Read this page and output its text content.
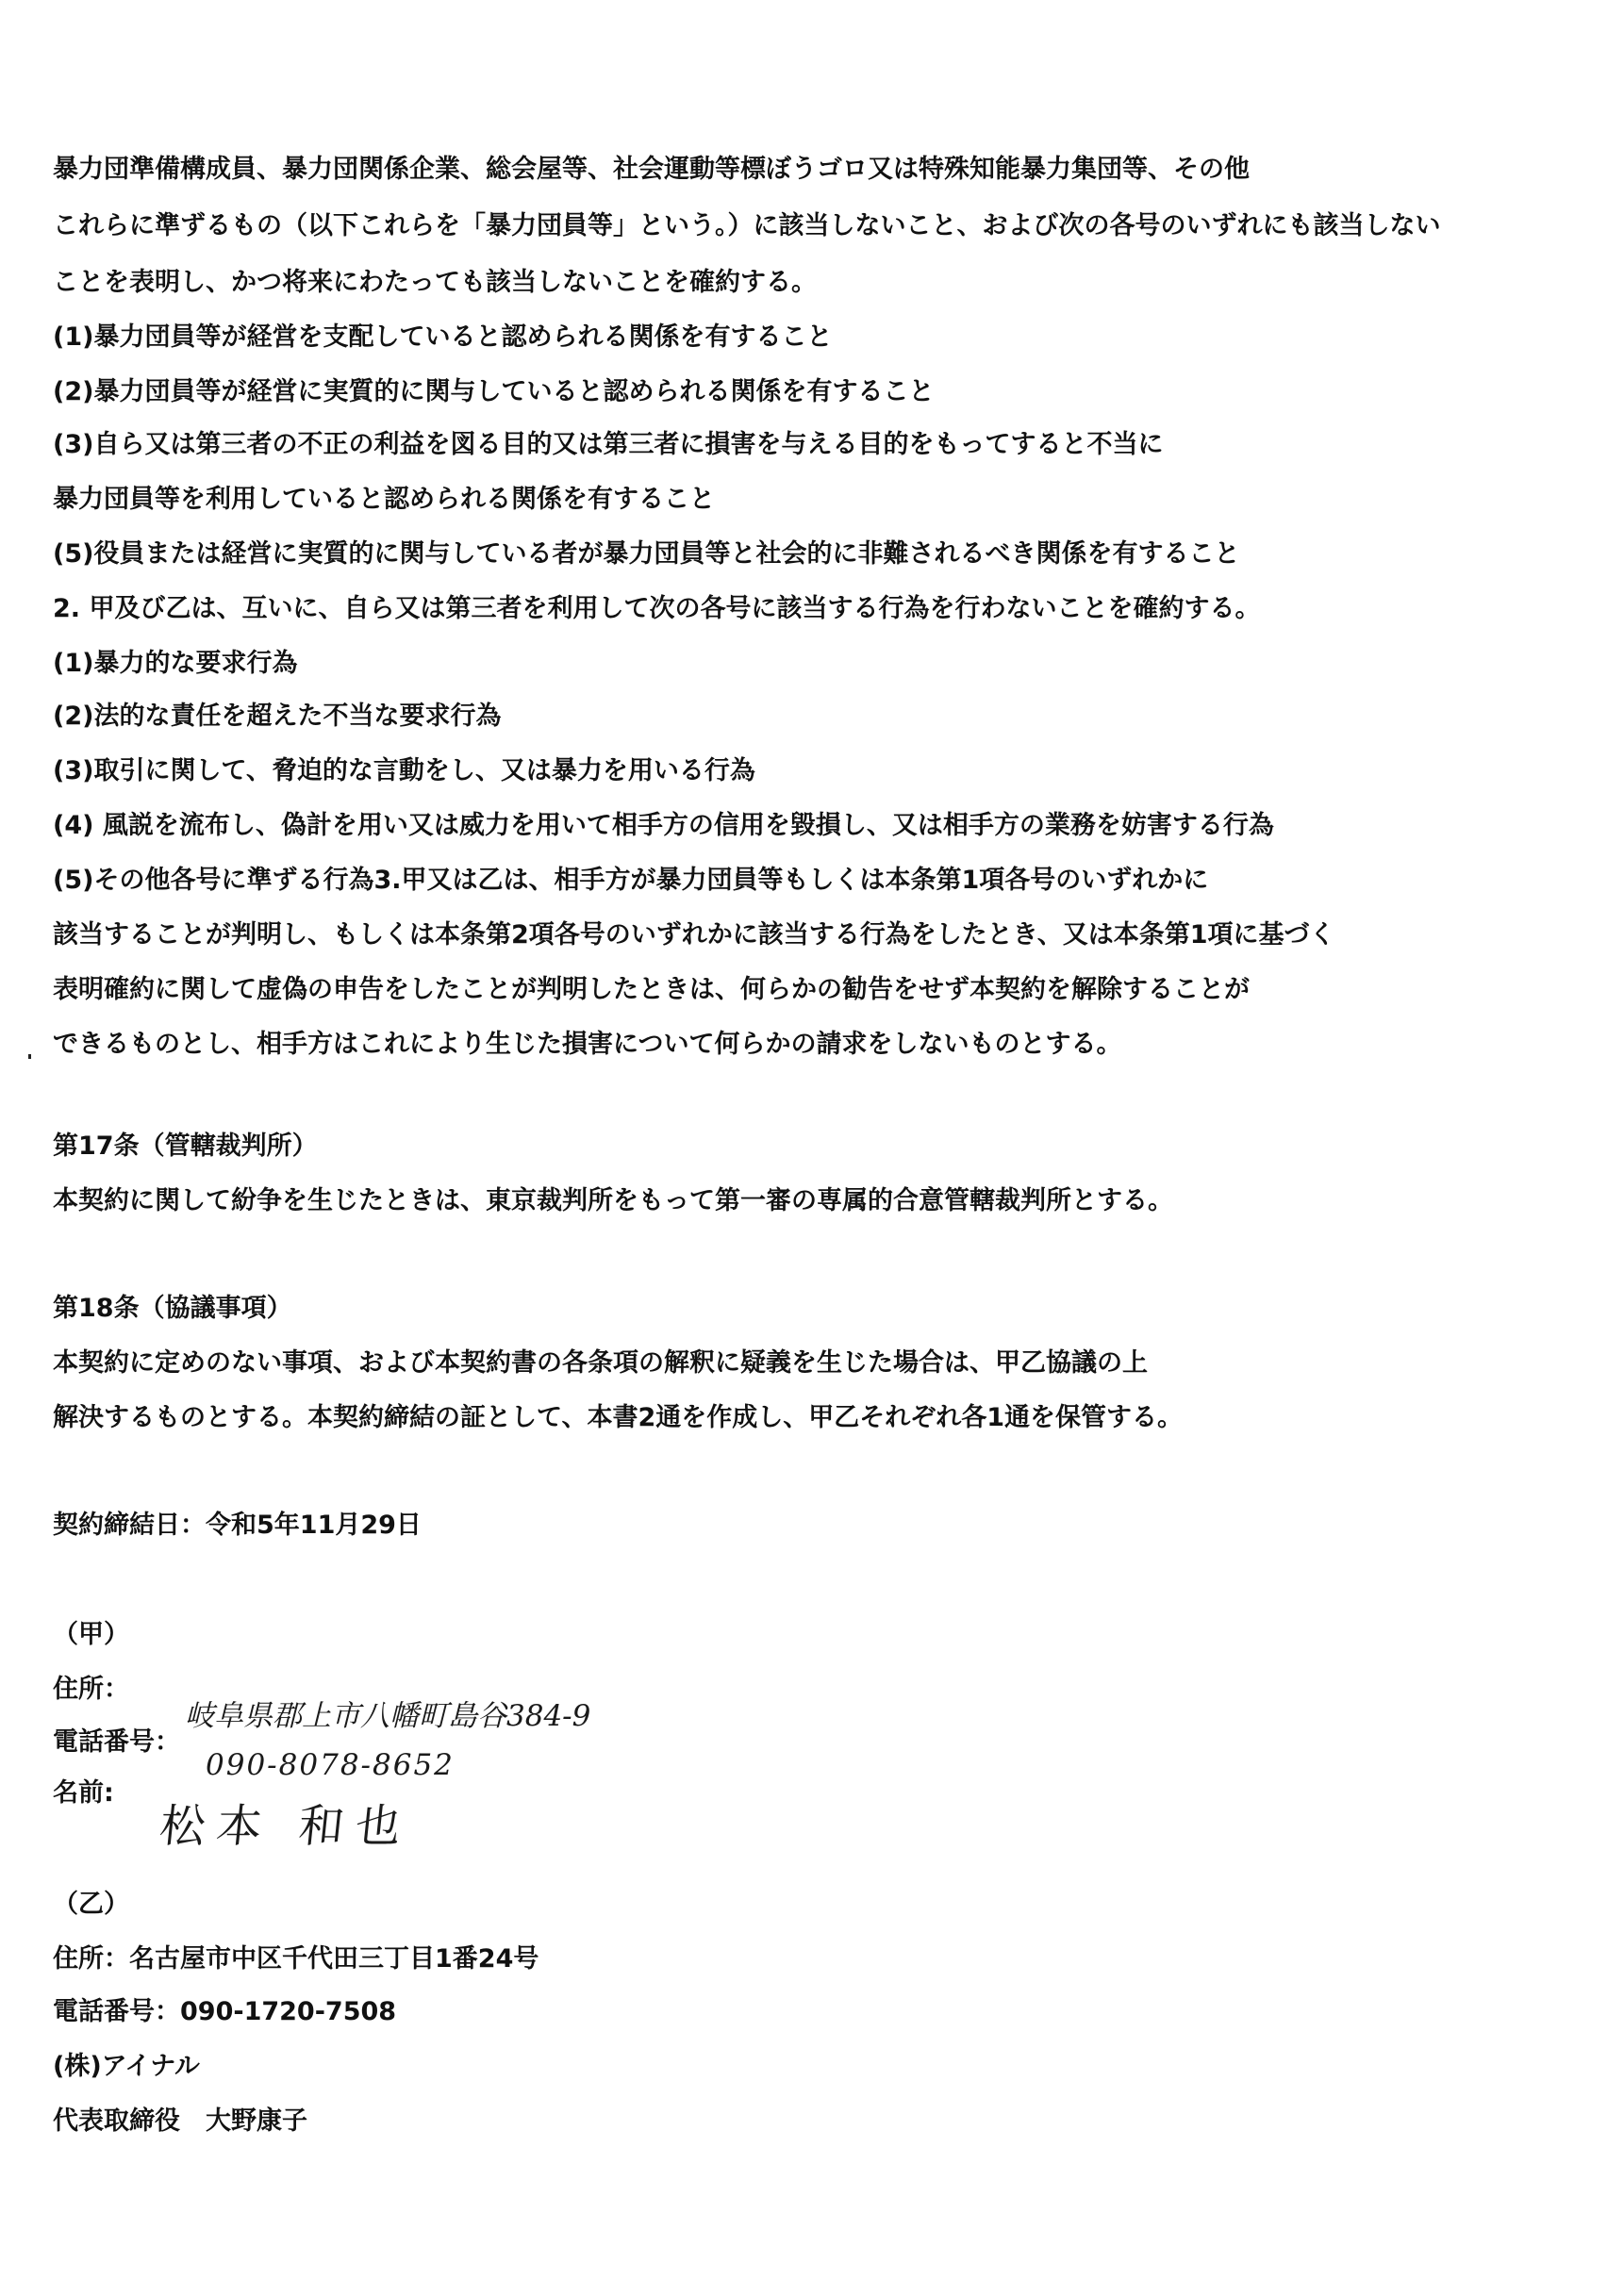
暴力団準備構成員、暴力団関係企業、総会屋等、社会運動等標ぼうゴロ又は特殊知能暴力集団等、その他
これらに準ずるもの（以下これらを「暴力団員等」という。）に該当しないこと、および次の各号のいずれにも該当しない
ことを表明し、かつ将来にわたっても該当しないことを確約する。
(1)暴力団員等が経営を支配していると認められる関係を有すること
(2)暴力団員等が経営に実質的に関与していると認められる関係を有すること
(3)自ら又は第三者の不正の利益を図る目的又は第三者に損害を与える目的をもってすると不当に
暴力団員等を利用していると認められる関係を有すること
(5)役員または経営に実質的に関与している者が暴力団員等と社会的に非難されるべき関係を有すること
2. 甲及び乙は、互いに、自ら又は第三者を利用して次の各号に該当する行為を行わないことを確約する。
(1)暴力的な要求行為
(2)法的な責任を超えた不当な要求行為
(3)取引に関して、脅迫的な言動をし、又は暴力を用いる行為
(4) 風説を流布し、偽計を用い又は威力を用いて相手方の信用を毀損し、又は相手方の業務を妨害する行為
(5)その他各号に準ずる行為3.甲又は乙は、相手方が暴力団員等もしくは本条第1項各号のいずれかに
該当することが判明し、もしくは本条第2項各号のいずれかに該当する行為をしたとき、又は本条第1項に基づく
表明確約に関して虚偽の申告をしたことが判明したときは、何らかの勧告をせず本契約を解除することが
できるものとし、相手方はこれにより生じた損害について何らかの請求をしないものとする。
第17条（管轄裁判所）
本契約に関して紛争を生じたときは、東京裁判所をもって第一審の専属的合意管轄裁判所とする。
第18条（協議事項）
本契約に定めのない事項、および本契約書の各条項の解釈に疑義を生じた場合は、甲乙協議の上
解決するものとする。本契約締結の証として、本書2通を作成し、甲乙それぞれ各1通を保管する。
契約締結日：令和5年11月29日
（甲）
住所：
岐阜県郡上市八幡町島谷384-9
電話番号：
090-8078-8652
名前:
松本 和也
（乙）
住所：名古屋市中区千代田三丁目1番24号
電話番号：090-1720-7508
(株)アイナル
代表取締役　大野康子
